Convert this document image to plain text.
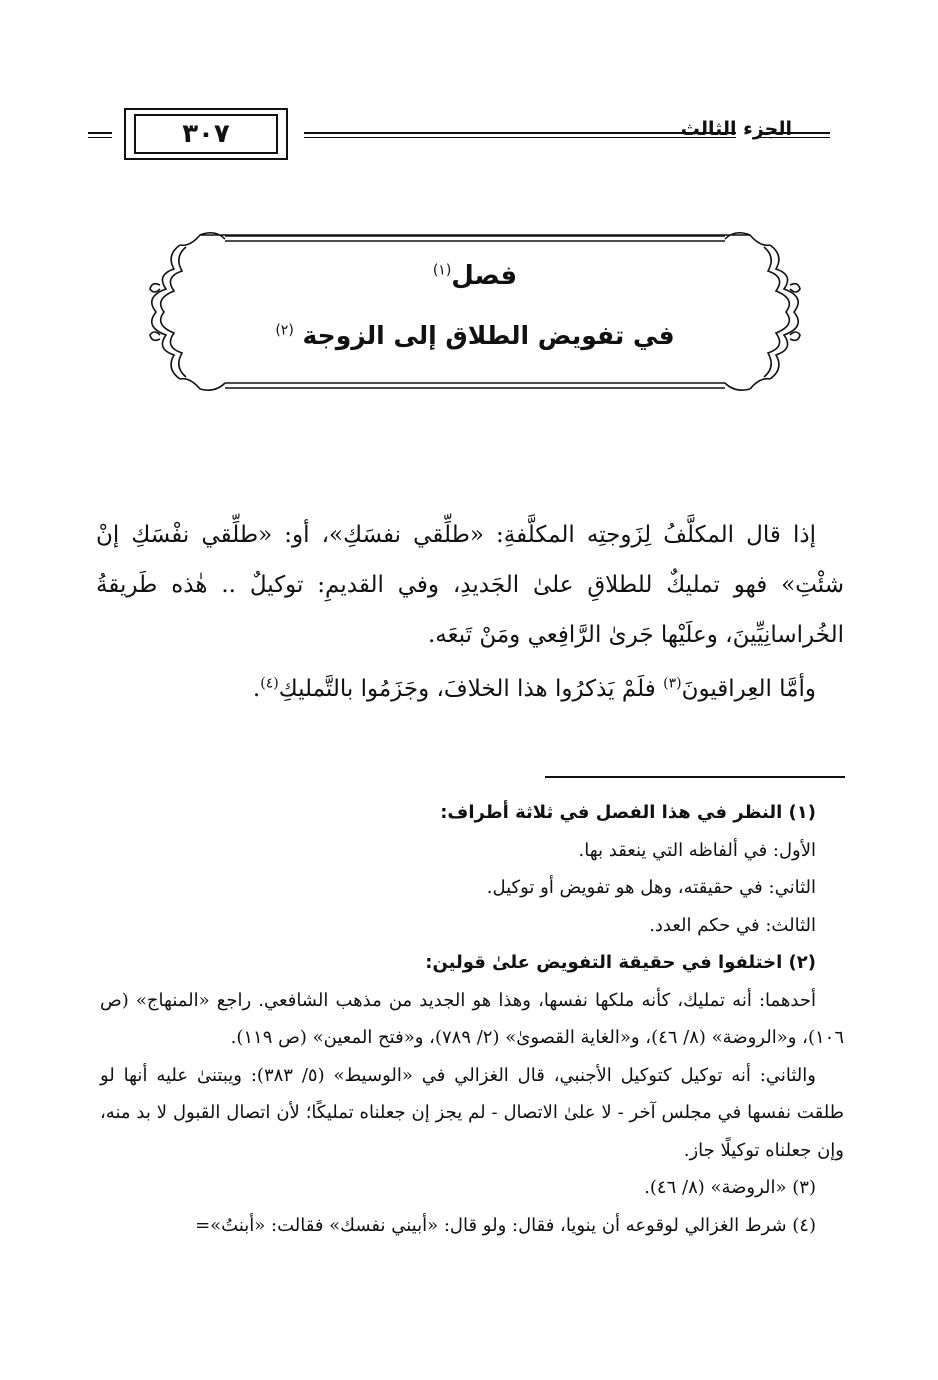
٣٠٧	الجزء الثالث
فصل$^{(١)}$
في تفويض الطلاق إلى الزوجة $^{(٢)}$

إذا قال المكلَّفُ لِزَوجتِه المكلَّفةِ: «طلِّقي نفسَكِ»، أو: «طلِّقي نفْسَكِ إنْ شئْتِ» فهو تمليكٌ للطلاقِ علىٰ الجَديدِ، وفي القديمِ: توكيلٌ .. هٰذه طَريقةُ الخُراسانِيِّينَ، وعلَيْها جَرىٰ الرَّافِعي ومَنْ تَبعَه.

وأمَّا العِراقيونَ$^{(٣)}$ فلَمْ يَذكرُوا هذا الخلافَ، وجَزَمُوا بالتَّمليكِ$^{(٤)}$.

(١) النظر في هذا الفصل في ثلاثة أطراف:

الأول: في ألفاظه التي ينعقد بها.

الثاني: في حقيقته، وهل هو تفويض أو توكيل.

الثالث: في حكم العدد.

(٢) اختلفوا في حقيقة التفويض علىٰ قولين:

أحدهما: أنه تمليك، كأنه ملكها نفسها، وهذا هو الجديد من مذهب الشافعي. راجع «المنهاج» (ص ١٠٦)، و«الروضة» (٨/ ٤٦)، و«الغاية القصوىٰ» (٢/ ٧٨٩)، و«فتح المعين» (ص ١١٩).

والثاني: أنه توكيل كتوكيل الأجنبي، قال الغزالي في «الوسيط» (٥/ ٣٨٣): ويبتنىٰ عليه أنها لو طلقت نفسها في مجلس آخر - لا علىٰ الاتصال - لم يجز إن جعلناه تمليكًا؛ لأن اتصال القبول لا بد منه، وإن جعلناه توكيلًا جاز.

(٣) «الروضة» (٨/ ٤٦).

(٤) شرط الغزالي لوقوعه أن ينويا، فقال: ولو قال: «أبيني نفسك» فقالت: «أبنتُ»=
